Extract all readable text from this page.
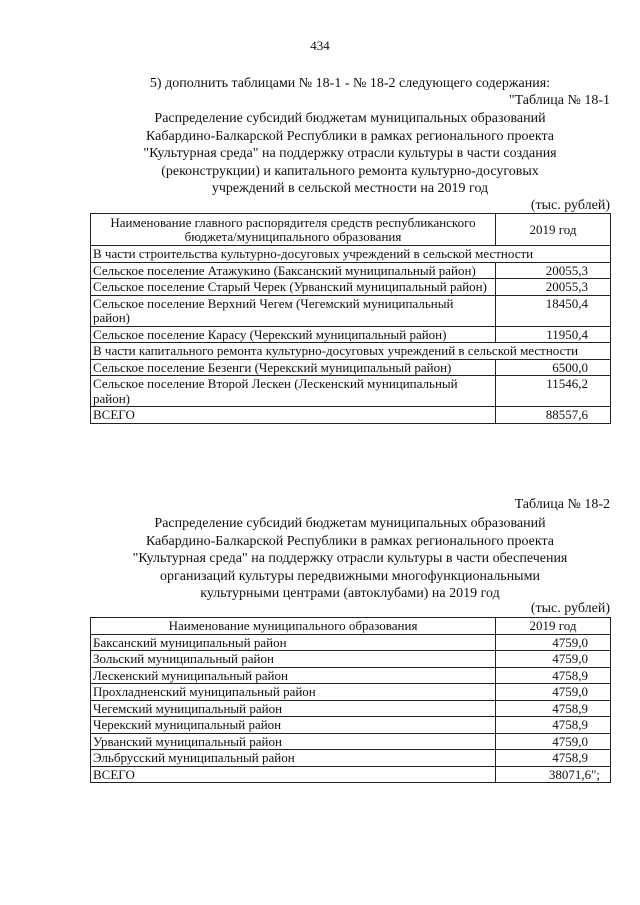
434
5) дополнить таблицами № 18-1 - № 18-2 следующего содержания:
"Таблица № 18-1
Распределение субсидий бюджетам муниципальных образований
Кабардино-Балкарской Республики в рамках регионального проекта
"Культурная среда" на поддержку отрасли культуры в части создания
(реконструкции) и капитального ремонта культурно-досуговых
учреждений в сельской местности на 2019 год
(тыс. рублей)
Наименование главного распорядителя средств республиканского бюджета/муниципального образования	2019 год
В части строительства культурно-досуговых учреждений в сельской местности	
Сельское поселение Атажукино (Баксанский муниципальный район)	20055,3
Сельское поселение Старый Черек (Урванский муниципальный район)	20055,3
Сельское поселение Верхний Чегем (Чегемский муниципальный район)	18450,4
Сельское поселение Карасу (Черекский муниципальный район)	11950,4
В части капитального ремонта культурно-досуговых учреждений в сельской местности	
Сельское поселение Безенги (Черекский муниципальный район)	6500,0
Сельское поселение Второй Лескен (Лескенский муниципальный район)	11546,2
ВСЕГО	88557,6
Таблица № 18-2
Распределение субсидий бюджетам муниципальных образований
Кабардино-Балкарской Республики в рамках регионального проекта
"Культурная среда" на поддержку отрасли культуры в части обеспечения
организаций культуры передвижными многофункциональными
культурными центрами (автоклубами) на 2019 год
(тыс. рублей)
Наименование муниципального образования	2019 год
Баксанский муниципальный район	4759,0
Зольский муниципальный район	4759,0
Лескенский муниципальный район	4758,9
Прохладненский муниципальный район	4759,0
Чегемский муниципальный район	4758,9
Черекский муниципальный район	4758,9
Урванский муниципальный район	4759,0
Эльбрусский муниципальный район	4758,9
ВСЕГО	38071,6";
